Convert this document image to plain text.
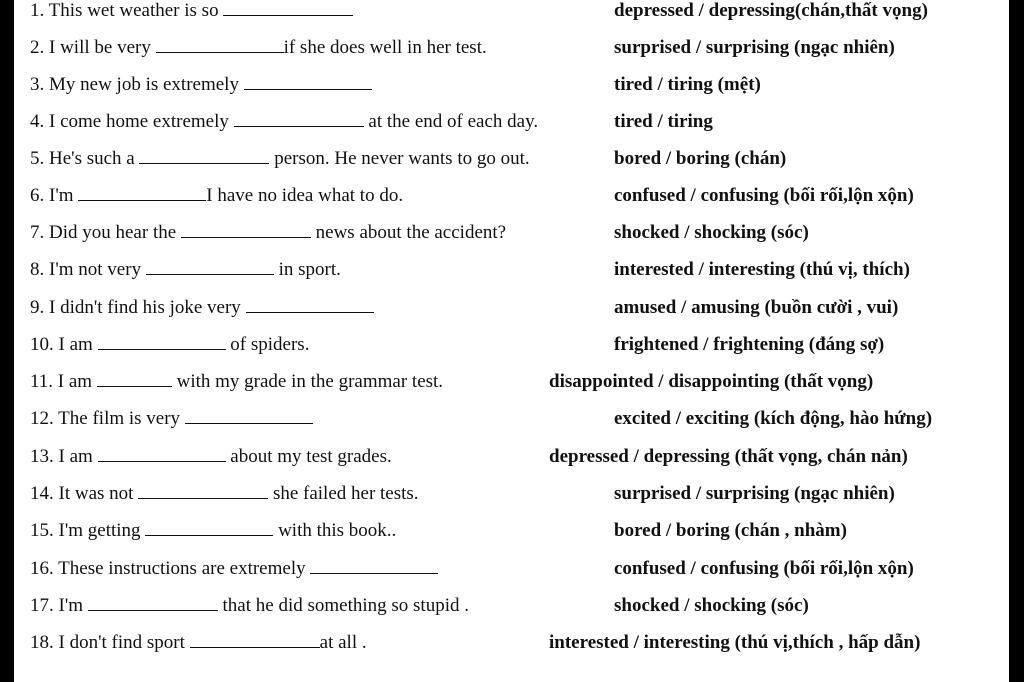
1. This wet weather is so	depressed / depressing(chán,thất vọng)
2. I will be very	if she does well in her test.	surprised / surprising (ngạc nhiên)
3. My new job is extremely	tired / tiring (mệt)
4. I come home extremely	at the end of each day.	tired / tiring
5. He's such a	person. He never wants to go out.	bored / boring (chán)
6. I'm	I have no idea what to do.	confused / confusing (bối rối,lộn xộn)
7. Did you hear the	news about the accident?	shocked / shocking (sóc)
8. I'm not very	in sport.	interested / interesting (thú vị, thích)
9. I didn't find his joke very	amused / amusing (buồn cười , vui)
10. I am	of spiders.	frightened / frightening (đáng sợ)
11. I am	with my grade in the grammar test.	disappointed / disappointing (thất vọng)
12. The film is very	excited / exciting (kích động, hào hứng)
13. I am	about my test grades.	depressed / depressing (thất vọng, chán nản)
14. It was not	she failed her tests.	surprised / surprising (ngạc nhiên)
15. I'm getting	with this book..	bored / boring (chán , nhàm)
16. These instructions are extremely	confused / confusing (bối rối,lộn xộn)
17. I'm	that he did something so stupid .	shocked / shocking (sóc)
18. I don't find sport	at all .	interested / interesting (thú vị,thích , hấp dẫn)
